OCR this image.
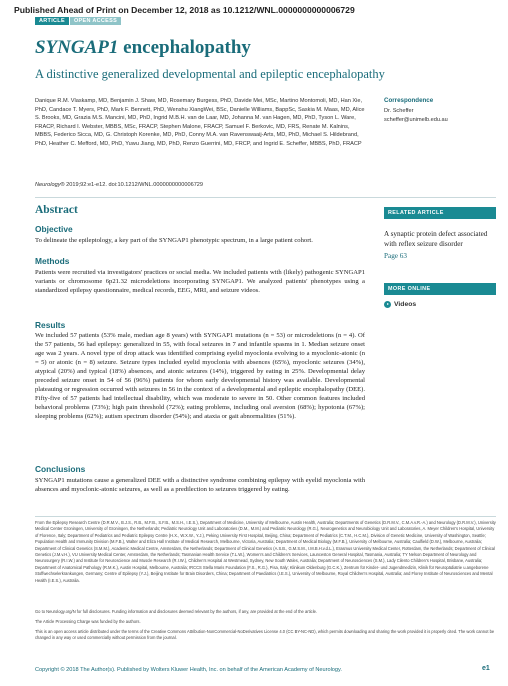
Published Ahead of Print on December 12, 2018 as 10.1212/WNL.0000000000006729
ARTICLE	OPEN ACCESS
SYNGAP1 encephalopathy
A distinctive generalized developmental and epileptic encephalopathy
Danique R.M. Vlaskamp, MD, Benjamin J. Shaw, MD, Rosemary Burgess, PhD, Davide Mei, MSc, Martino Montomoli, MD, Han Xie, PhD, Candace T. Myers, PhD, Mark F. Bennett, PhD, Wenshu XiangWei, BSc, Danielle Williams, BappSc, Saskia M. Maas, MD, Alice S. Brooks, MD, Grazia M.S. Mancini, MD, PhD, Ingrid M.B.H. van de Laar, MD, Johanna M. van Hagen, MD, PhD, Tyson L. Ware, FRACP, Richard I. Webster, MBBS, MSc, FRACP, Stephen Malone, FRACP, Samuel F. Berkovic, MD, FRS, Renate M. Kalnins, MBBS, Federico Sicca, MD, G. Christoph Korenke, MD, PhD, Conny M.A. van Ravenswaaij-Arts, MD, PhD, Michael S. Hildebrand, PhD, Heather C. Mefford, MD, PhD, Yuwu Jiang, MD, PhD, Renzo Guerrini, MD, FRCP, and Ingrid E. Scheffer, MBBS, PhD, FRACP
Neurology® 2019;92:e1-e12. doi:10.1212/WNL.0000000000006729
Correspondence
Dr. Scheffer
scheffer@unimelb.edu.au
Abstract
Objective
To delineate the epileptology, a key part of the SYNGAP1 phenotypic spectrum, in a large patient cohort.
Methods
Patients were recruited via investigators' practices or social media. We included patients with (likely) pathogenic SYNGAP1 variants or chromosome 6p21.32 microdeletions incorporating SYNGAP1. We analyzed patients' phenotypes using a standardized epilepsy questionnaire, medical records, EEG, MRI, and seizure videos.
Results
We included 57 patients (53% male, median age 8 years) with SYNGAP1 mutations (n = 53) or microdeletions (n = 4). Of the 57 patients, 56 had epilepsy: generalized in 55, with focal seizures in 7 and infantile spasms in 1. Median seizure onset age was 2 years. A novel type of drop attack was identified comprising eyelid myoclonia evolving to a myoclonic-atonic (n = 5) or atonic (n = 8) seizure. Seizure types included eyelid myoclonia with absences (65%), myoclonic seizures (34%), atypical (20%) and typical (18%) absences, and atonic seizures (14%), triggered by eating in 25%. Developmental delay preceded seizure onset in 54 of 56 (96%) patients for whom early developmental history was available. Developmental plateauing or regression occurred with seizures in 56 in the context of a developmental and epileptic encephalopathy (DEE). Fifty-five of 57 patients had intellectual disability, which was moderate to severe in 50. Other common features included behavioral problems (73%); high pain threshold (72%); eating problems, including oral aversion (68%); hypotonia (67%); sleeping problems (62%); autism spectrum disorder (54%); and ataxia or gait abnormalities (51%).
Conclusions
SYNGAP1 mutations cause a generalized DEE with a distinctive syndrome combining epilepsy with eyelid myoclonia with absences and myoclonic-atonic seizures, as well as a predilection to seizures triggered by eating.
RELATED ARTICLE
A synaptic protein defect associated with reflex seizure disorder
Page 63
MORE ONLINE
Videos
From the Epilepsy Research Centre (D.R.M.V., B.J.S., R.B., M.F.B., S.F.B., M.S.H., I.E.S.), Department of Medicine, University of Melbourne, Austin Health, Australia; Departments of Genetics (D.R.M.V., C.M.A.v.R.-A.) and Neurology (D.R.M.V.), University Medical Center Groningen, University of Groningen, the Netherlands; Pediatric Neurology Unit and Laboratories (D.M., M.M.) and Pediatric Neurology (R.G.), Neurogenetics and Neurobiology Unit and Laboratories, A. Meyer Children's Hospital, University of Florence, Italy; Department of Pediatrics and Pediatric Epilepsy Centre (H.X., W.X.W., Y.J.), Peking University First Hospital, Beijing, China; Department of Pediatrics (C.T.M., H.C.M.), Division of Genetic Medicine, University of Washington, Seattle; Population Health and Immunity Division (M.F.B.), Walter and Eliza Hall Institute of Medical Research, Melbourne, Victoria, Australia; Department of Medical Biology (M.F.B.), University of Melbourne, Australia; Caulfield (D.W.), Melbourne, Australia; Department of Clinical Genetics (S.M.M.), Academic Medical Centre, Amsterdam, the Netherlands; Department of Clinical Genetics (A.S.B., G.M.S.M., I.M.B.H.v.d.L.), Erasmus University Medical Center, Rotterdam, the Netherlands; Department of Clinical Genetics (J.M.v.H.), VU University Medical Center, Amsterdam, the Netherlands; Tasmanian Health Service (T.L.W.), Women's and Children's Services, Launceston General Hospital, Tasmania, Australia; TY Nelson Department of Neurology and Neurosurgery (R.I.W.) and Institute for Neuroscience and Muscle Research (R.I.W.), Children's Hospital at Westmead, Sydney, New South Wales, Australia; Department of Neurosciences (S.M.), Lady Cilento Children's Hospital, Brisbane, Australia; Department of Anatomical Pathology (R.M.K.), Austin Hospital, Melbourne, Australia; IRCCS Stella Maris Foundation (F.S., R.G.), Pisa, Italy; Klinikum Oldenburg (G.C.K.), Zentrum für Kinder- und Jugendmedizin, Klinik für Neuropädiatrie u.angeborene Stoffwechselerkrankungen, Germany; Centre of Epilepsy (Y.J.), Beijing Institute for Brain Disorders, China; Department of Paediatrics (I.E.S.), University of Melbourne, Royal Children's Hospital, Australia; and Florey Institute of Neurosciences and Mental Health (I.E.S.), Australia.
Go to Neurology.org/N for full disclosures. Funding information and disclosures deemed relevant by the authors, if any, are provided at the end of the article.
The Article Processing Charge was funded by the authors.
This is an open access article distributed under the terms of the Creative Commons Attribution-NonCommercial-NoDerivatives License 4.0 (CC BY-NC-ND), which permits downloading and sharing the work provided it is properly cited. The work cannot be changed in any way or used commercially without permission from the journal.
Copyright © 2018 The Author(s). Published by Wolters Kluwer Health, Inc. on behalf of the American Academy of Neurology.	e1
